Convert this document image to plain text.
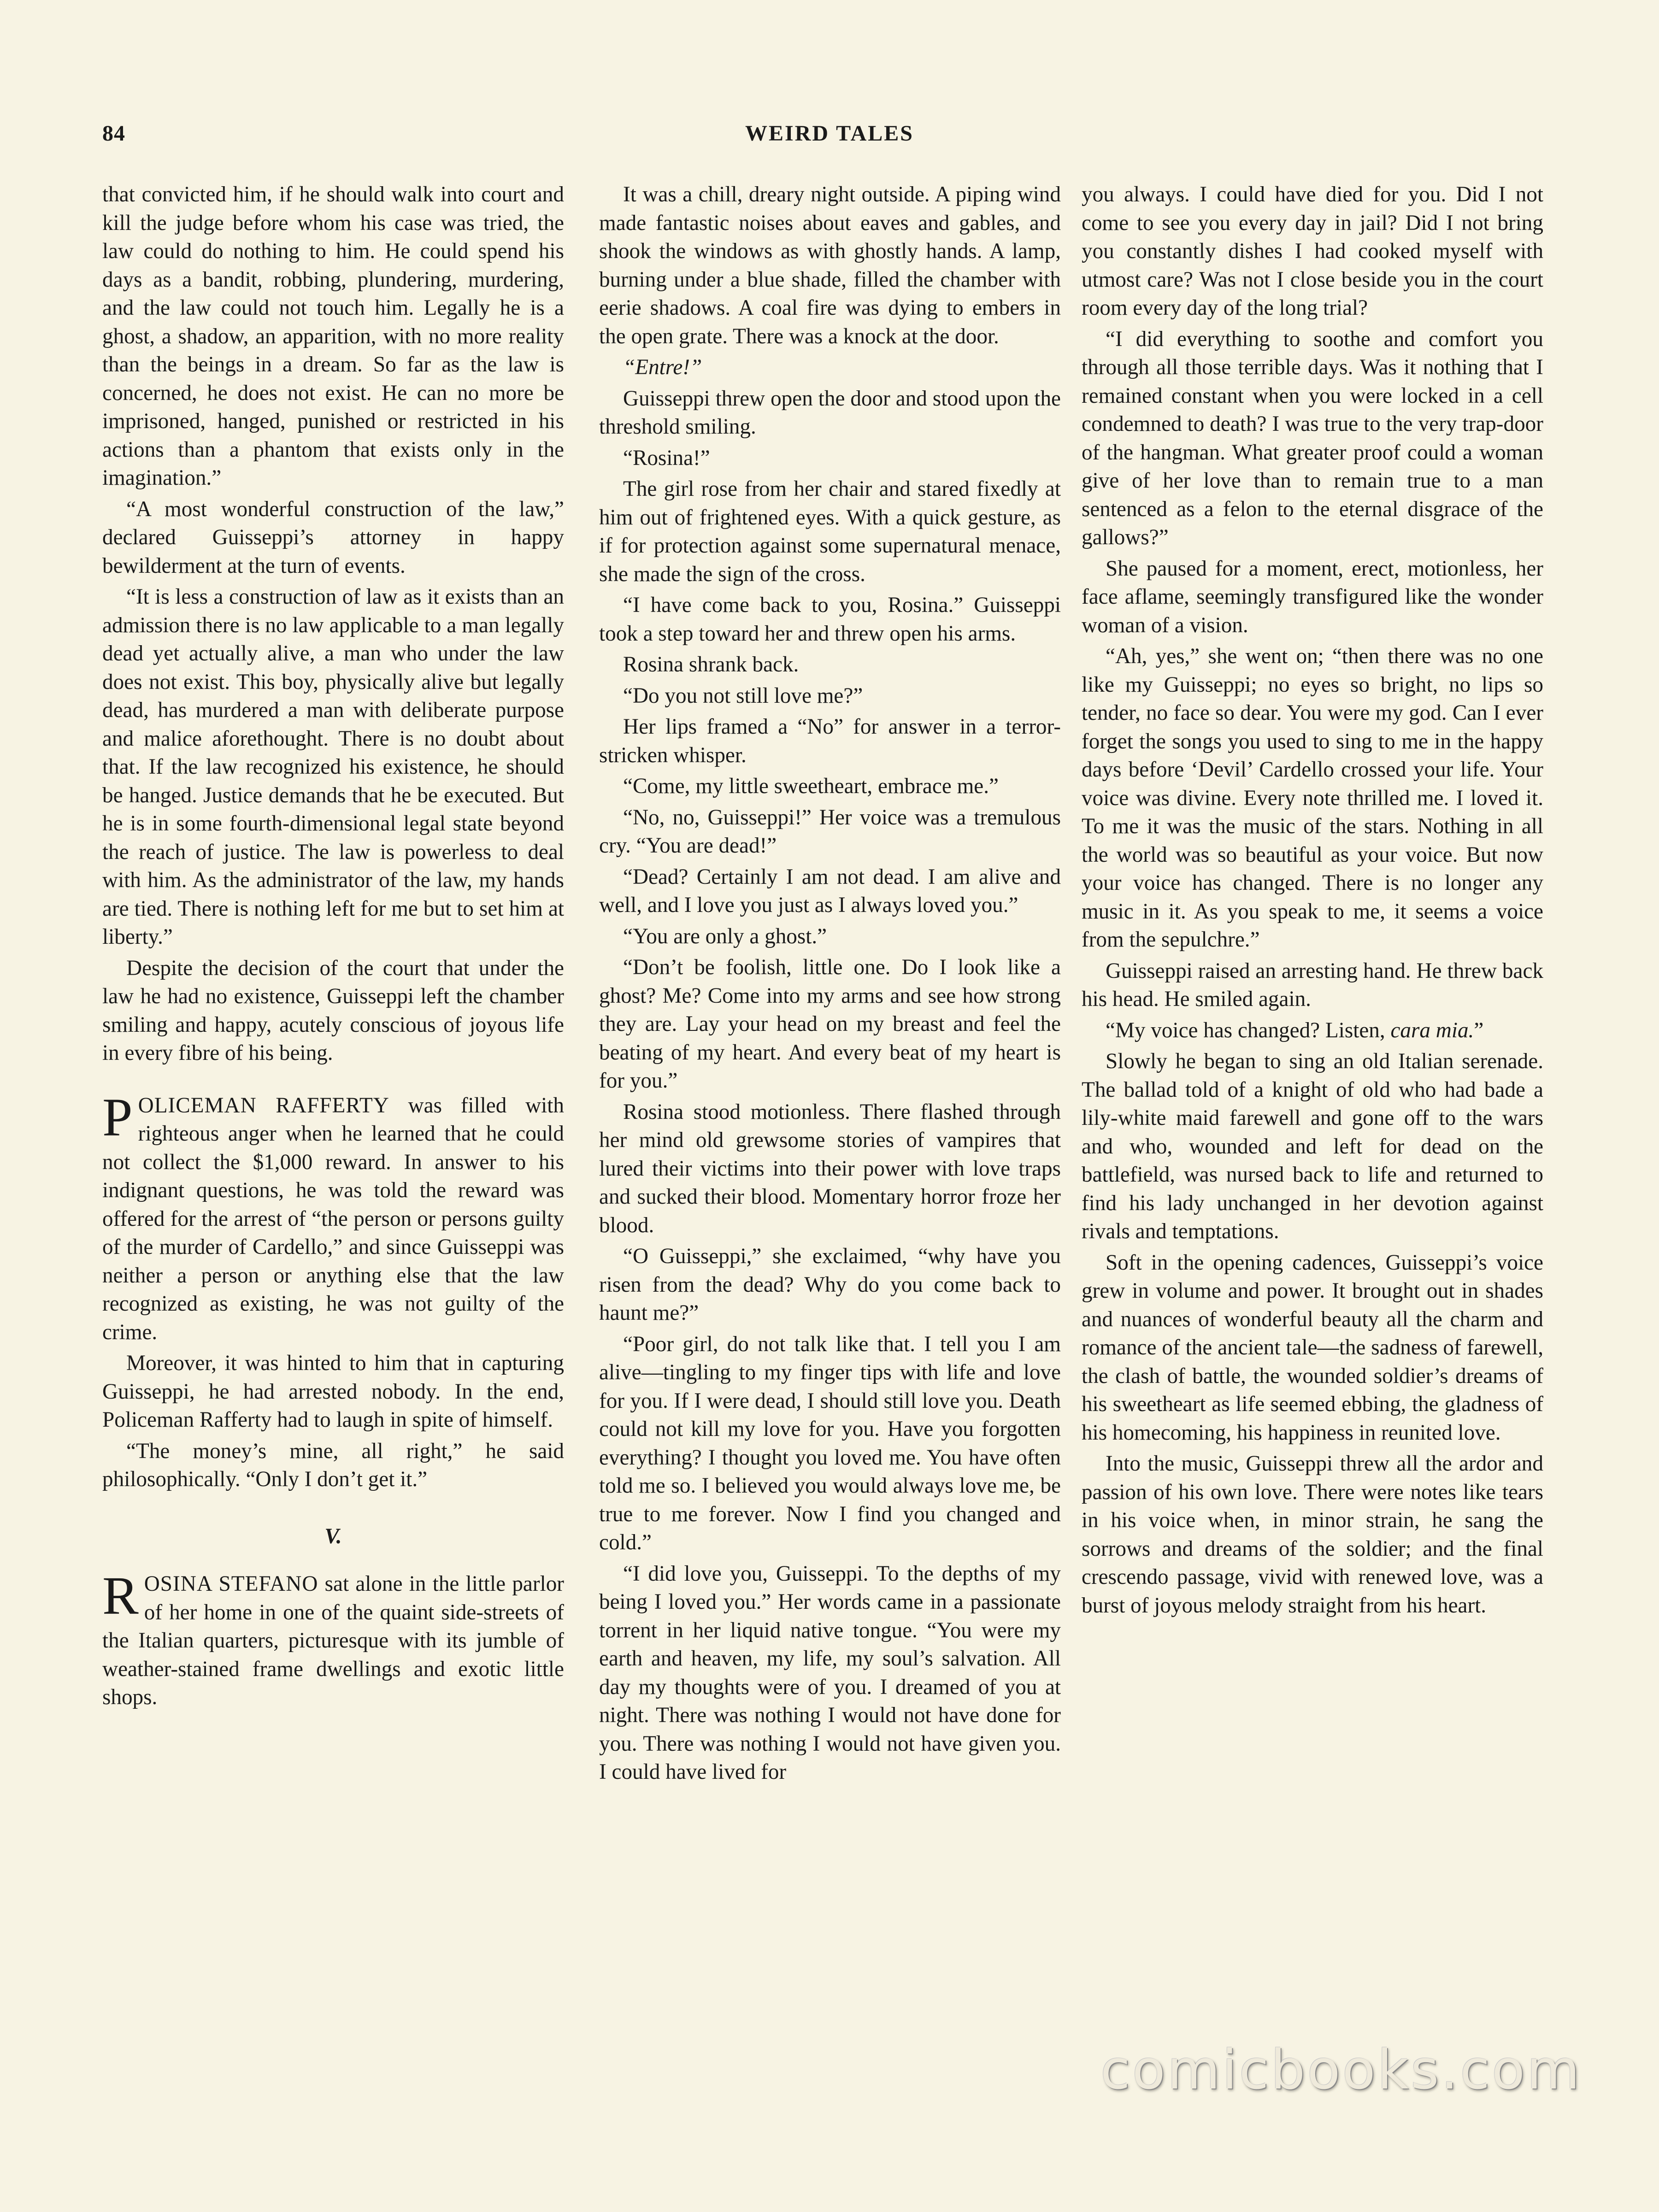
84	WEIRD TALES

that convicted him, if he should walk into court and kill the judge before whom his case was tried, the law could do nothing to him. He could spend his days as a bandit, robbing, plundering, murdering, and the law could not touch him. Legally he is a ghost, a shadow, an apparition, with no more reality than the beings in a dream. So far as the law is concerned, he does not exist. He can no more be imprisoned, hanged, punished or restricted in his actions than a phantom that exists only in the imagination.”

“A most wonderful construction of the law,” declared Guisseppi’s attorney in happy bewilderment at the turn of events.

“It is less a construction of law as it exists than an admission there is no law applicable to a man legally dead yet actually alive, a man who under the law does not exist. This boy, physically alive but legally dead, has murdered a man with deliberate purpose and malice aforethought. There is no doubt about that. If the law recognized his existence, he should be hanged. Justice demands that he be executed. But he is in some fourth-dimensional legal state beyond the reach of justice. The law is powerless to deal with him. As the administrator of the law, my hands are tied. There is nothing left for me but to set him at liberty.”

Despite the decision of the court that under the law he had no existence, Guisseppi left the chamber smiling and happy, acutely conscious of joyous life in every fibre of his being.

POLICEMAN RAFFERTY was filled with righteous anger when he learned that he could not collect the $1,000 reward. In answer to his indignant questions, he was told the reward was offered for the arrest of “the person or persons guilty of the murder of Cardello,” and since Guisseppi was neither a person or anything else that the law recognized as existing, he was not guilty of the crime.

Moreover, it was hinted to him that in capturing Guisseppi, he had arrested nobody. In the end, Policeman Rafferty had to laugh in spite of himself.

“The money’s mine, all right,” he said philosophically. “Only I don’t get it.”

V.

ROSINA STEFANO sat alone in the little parlor of her home in one of the quaint side-streets of the Italian quarters, picturesque with its jumble of weather-stained frame dwellings and exotic little shops.

It was a chill, dreary night outside. A piping wind made fantastic noises about eaves and gables, and shook the windows as with ghostly hands. A lamp, burning under a blue shade, filled the chamber with eerie shadows. A coal fire was dying to embers in the open grate. There was a knock at the door.

“Entre!”

Guisseppi threw open the door and stood upon the threshold smiling.

“Rosina!”

The girl rose from her chair and stared fixedly at him out of frightened eyes. With a quick gesture, as if for protection against some supernatural menace, she made the sign of the cross.

“I have come back to you, Rosina.” Guisseppi took a step toward her and threw open his arms.

Rosina shrank back.

“Do you not still love me?”

Her lips framed a “No” for answer in a terror-stricken whisper.

“Come, my little sweetheart, embrace me.”

“No, no, Guisseppi!” Her voice was a tremulous cry. “You are dead!”

“Dead? Certainly I am not dead. I am alive and well, and I love you just as I always loved you.”

“You are only a ghost.”

“Don’t be foolish, little one. Do I look like a ghost? Me? Come into my arms and see how strong they are. Lay your head on my breast and feel the beating of my heart. And every beat of my heart is for you.”

Rosina stood motionless. There flashed through her mind old grewsome stories of vampires that lured their victims into their power with love traps and sucked their blood. Momentary horror froze her blood.

“O Guisseppi,” she exclaimed, “why have you risen from the dead? Why do you come back to haunt me?”

“Poor girl, do not talk like that. I tell you I am alive—tingling to my finger tips with life and love for you. If I were dead, I should still love you. Death could not kill my love for you. Have you forgotten everything? I thought you loved me. You have often told me so. I believed you would always love me, be true to me forever. Now I find you changed and cold.”

“I did love you, Guisseppi. To the depths of my being I loved you.” Her words came in a passionate torrent in her liquid native tongue. “You were my earth and heaven, my life, my soul’s salvation. All day my thoughts were of you. I dreamed of you at night. There was nothing I would not have done for you. There was nothing I would not have given you. I could have lived for

you always. I could have died for you. Did I not come to see you every day in jail? Did I not bring you constantly dishes I had cooked myself with utmost care? Was not I close beside you in the court room every day of the long trial?

“I did everything to soothe and comfort you through all those terrible days. Was it nothing that I remained constant when you were locked in a cell condemned to death? I was true to the very trap-door of the hangman. What greater proof could a woman give of her love than to remain true to a man sentenced as a felon to the eternal disgrace of the gallows?”

She paused for a moment, erect, motionless, her face aflame, seemingly transfigured like the wonder woman of a vision.

“Ah, yes,” she went on; “then there was no one like my Guisseppi; no eyes so bright, no lips so tender, no face so dear. You were my god. Can I ever forget the songs you used to sing to me in the happy days before ‘Devil’ Cardello crossed your life. Your voice was divine. Every note thrilled me. I loved it. To me it was the music of the stars. Nothing in all the world was so beautiful as your voice. But now your voice has changed. There is no longer any music in it. As you speak to me, it seems a voice from the sepulchre.”

Guisseppi raised an arresting hand. He threw back his head. He smiled again.

“My voice has changed? Listen, cara mia.”

Slowly he began to sing an old Italian serenade. The ballad told of a knight of old who had bade a lily-white maid farewell and gone off to the wars and who, wounded and left for dead on the battlefield, was nursed back to life and returned to find his lady unchanged in her devotion against rivals and temptations.

Soft in the opening cadences, Guisseppi’s voice grew in volume and power. It brought out in shades and nuances of wonderful beauty all the charm and romance of the ancient tale—the sadness of farewell, the clash of battle, the wounded soldier’s dreams of his sweetheart as life seemed ebbing, the gladness of his homecoming, his happiness in reunited love.

Into the music, Guisseppi threw all the ardor and passion of his own love. There were notes like tears in his voice when, in minor strain, he sang the sorrows and dreams of the soldier; and the final crescendo passage, vivid with renewed love, was a burst of joyous melody straight from his heart.

comicbooks.com
